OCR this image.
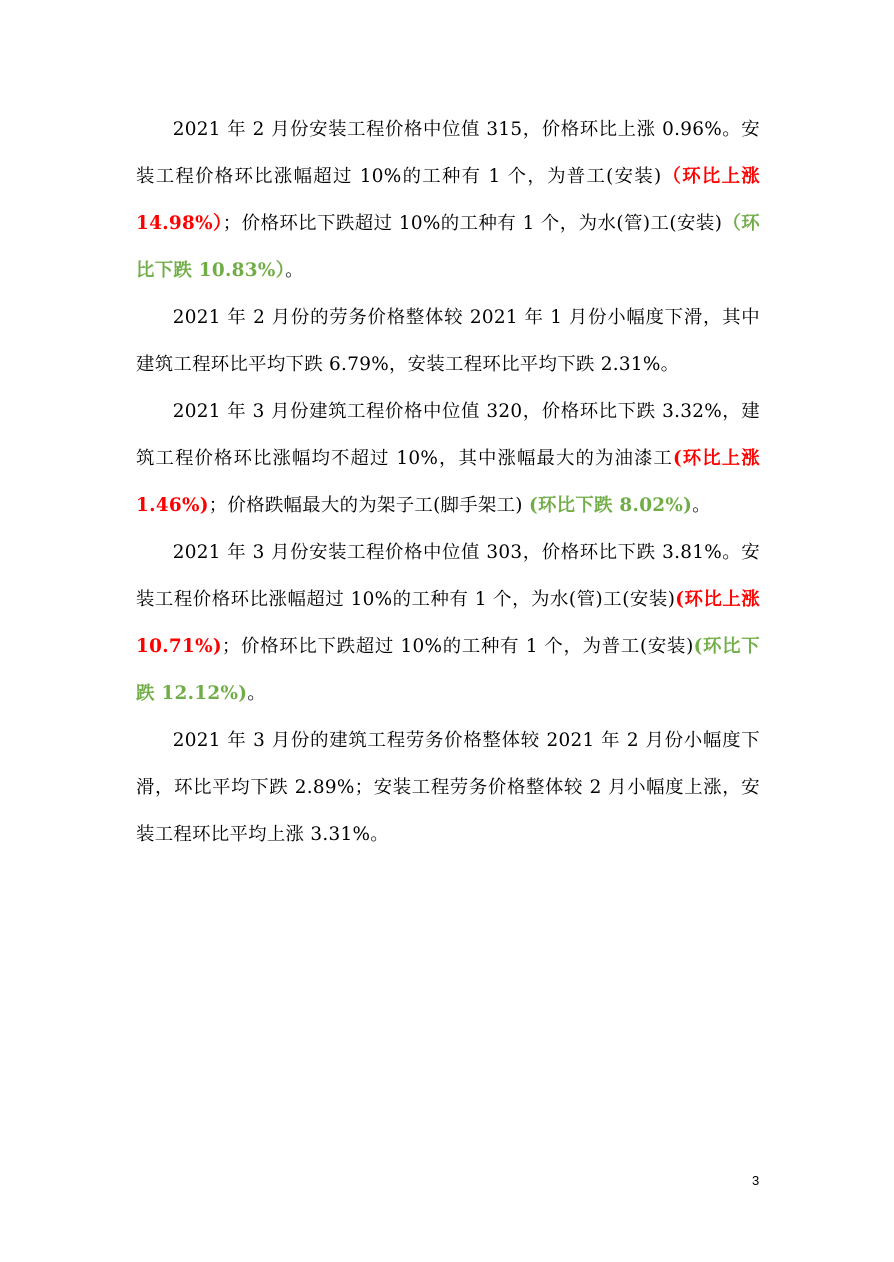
2021 年 2 月份安装工程价格中位值 315，价格环比上涨 0.96%。安装工程价格环比涨幅超过 10%的工种有 1 个，为普工(安装)（环比上涨 14.98%）；价格环比下跌超过 10%的工种有 1 个，为水(管)工(安装)（环比下跌 10.83%）。

2021 年 2 月份的劳务价格整体较 2021 年 1 月份小幅度下滑，其中建筑工程环比平均下跌 6.79%，安装工程环比平均下跌 2.31%。

2021 年 3 月份建筑工程价格中位值 320，价格环比下跌 3.32%，建筑工程价格环比涨幅均不超过 10%，其中涨幅最大的为油漆工(环比上涨 1.46%)；价格跌幅最大的为架子工(脚手架工) (环比下跌 8.02%)。

2021 年 3 月份安装工程价格中位值 303，价格环比下跌 3.81%。安装工程价格环比涨幅超过 10%的工种有 1 个，为水(管)工(安装)(环比上涨 10.71%)；价格环比下跌超过 10%的工种有 1 个，为普工(安装)(环比下跌 12.12%)。

2021 年 3 月份的建筑工程劳务价格整体较 2021 年 2 月份小幅度下滑，环比平均下跌 2.89%；安装工程劳务价格整体较 2 月小幅度上涨，安装工程环比平均上涨 3.31%。

3
